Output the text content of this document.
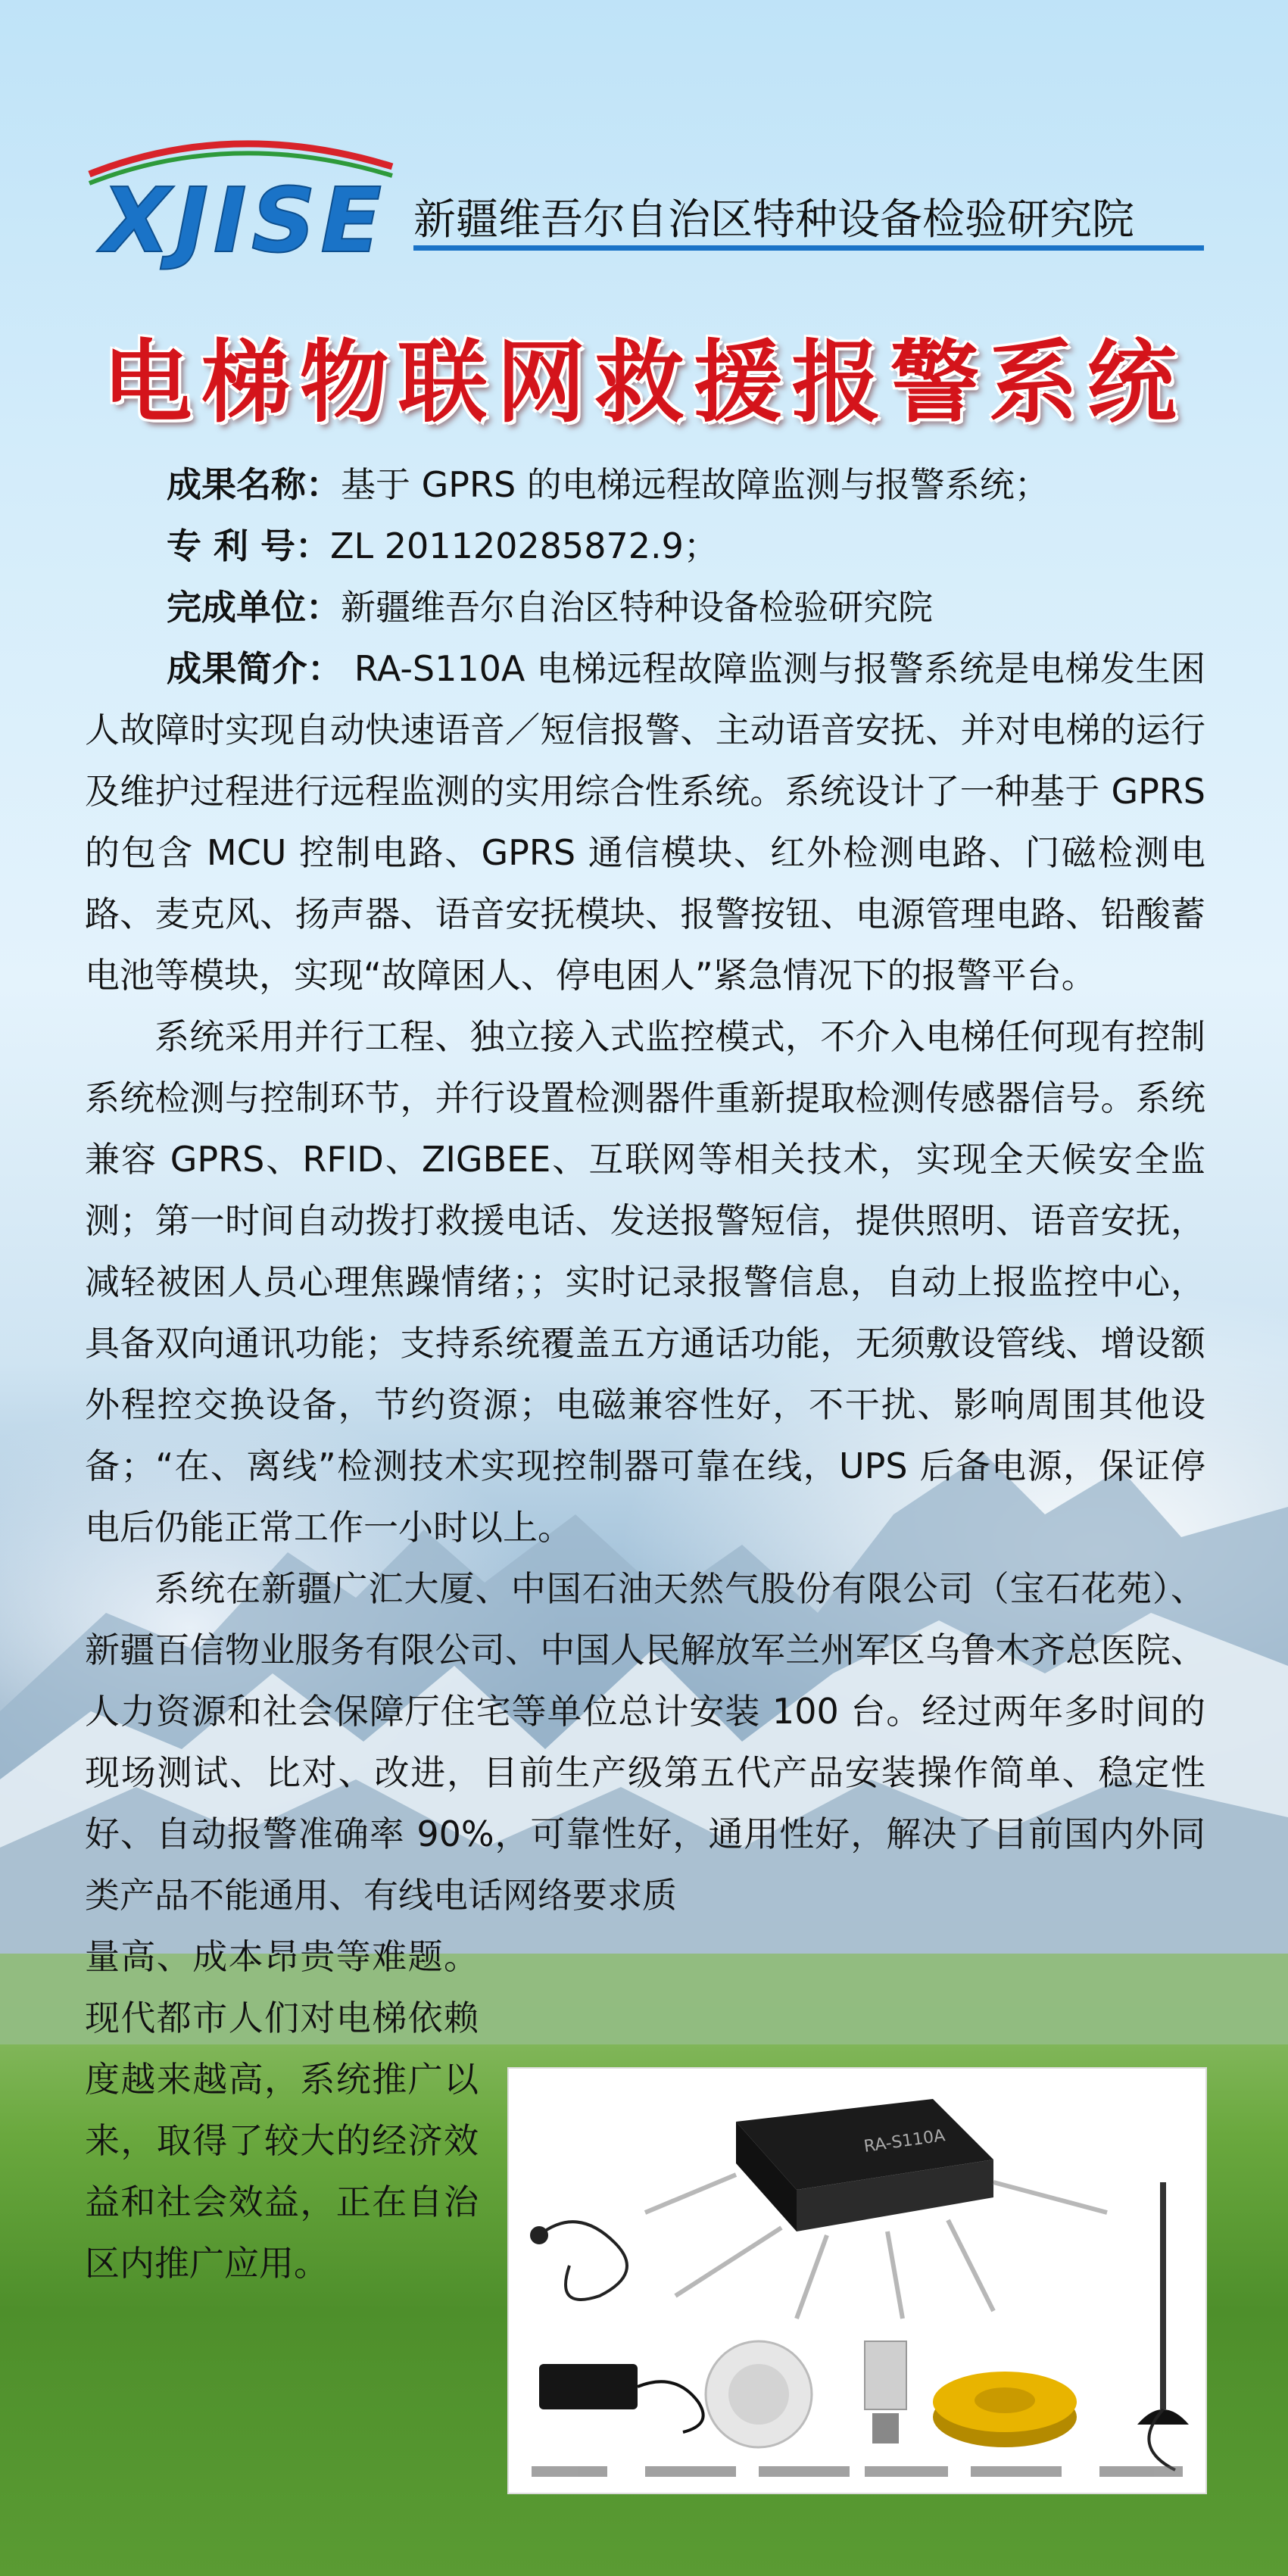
XJISE 新疆维吾尔自治区特种设备检验研究院
电梯物联网救援报警系统
成果名称：基于 GPRS 的电梯远程故障监测与报警系统；
专 利 号：ZL 201120285872.9；
完成单位：新疆维吾尔自治区特种设备检验研究院

成果简介： RA-S110A 电梯远程故障监测与报警系统是电梯发生困人故障时实现自动快速语音／短信报警、主动语音安抚、并对电梯的运行及维护过程进行远程监测的实用综合性系统。系统设计了一种基于 GPRS 的包含 MCU 控制电路、GPRS 通信模块、红外检测电路、门磁检测电路、麦克风、扬声器、语音安抚模块、报警按钮、电源管理电路、铅酸蓄电池等模块，实现“故障困人、停电困人”紧急情况下的报警平台。

系统采用并行工程、独立接入式监控模式，不介入电梯任何现有控制系统检测与控制环节，并行设置检测器件重新提取检测传感器信号。系统兼容 GPRS、RFID、ZIGBEE、互联网等相关技术，实现全天候安全监测；第一时间自动拨打救援电话、发送报警短信，提供照明、语音安抚，减轻被困人员心理焦躁情绪；；实时记录报警信息，自动上报监控中心，具备双向通讯功能；支持系统覆盖五方通话功能，无须敷设管线、增设额外程控交换设备，节约资源；电磁兼容性好，不干扰、影响周围其他设备；“在、离线”检测技术实现控制器可靠在线，UPS 后备电源，保证停电后仍能正常工作一小时以上。

系统在新疆广汇大厦、中国石油天然气股份有限公司（宝石花苑）、新疆百信物业服务有限公司、中国人民解放军兰州军区乌鲁木齐总医院、人力资源和社会保障厅住宅等单位总计安装 100 台。经过两年多时间的现场测试、比对、改进，目前生产级第五代产品安装操作简单、稳定性好、自动报警准确率 90%，可靠性好，通用性好，解决了目前国内外同类产品不能通用、有线电话网络要求质

量高、成本昂贵等难题。现代都市人们对电梯依赖度越来越高，系统推广以来，取得了较大的经济效益和社会效益，正在自治区内推广应用。

RA-S110A
